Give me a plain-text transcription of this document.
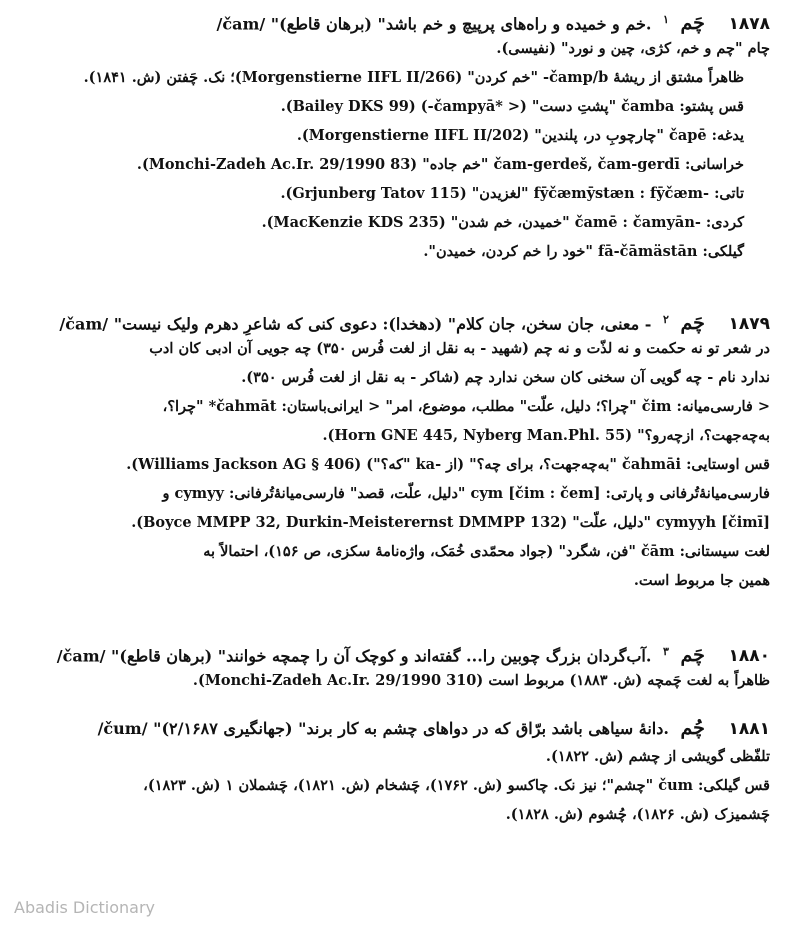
۱۸۷۸ چَم $^۱$ /čam/ "خم و خمیده و راه‌های پرپیچ و خم باشد" (برهان قاطع).
چام "چم و خم، کژی، چین و نورد" (نفیسی).
ظاهراً مشتق از ریشهٔ čamp/b- "خم کردن" (Morgenstierne IIFL II/266)؛ نک. چَفتن (ش. ۱۸۴۱).
قس پشتو: čamba "پشتِ دست" (< *čampyā-) (Bailey DKS 99).
یدغه: čapē "چارچوبِ در، پلندین" (Morgenstierne IIFL II/202).
خراسانی: čam-gerdeš, čam-gerdī "خم جاده" (Monchi-Zadeh Ac.Ir. 29/1990 83).
تاتی: -fȳčæmȳstæn : fȳčæm "لغزیدن" (Grjunberg Tatov 115).
کردی: -čamē : čamyān "خمیدن، خم شدن" (MacKenzie KDS 235).
گیلکی: fā-čāmästān "خود را خم کردن، خمیدن".
۱۸۷۹ چَم $^۲$ /čam/ "معنی، جان سخن، جان کلام" (دهخدا): دعوی کنی که شاعرِ دهرم ولیک نیست -
در شعر تو نه حکمت و نه لذّت و نه چم (شهید - به نقل از لغت فُرس ۳۵۰) چه جویی آن ادبی کان ادب
ندارد نام - چه گویی آن سخنی کان سخن ندارد چم (شاکر - به نقل از لغت فُرس ۳۵۰).
< فارسی‌میانه: čim "چرا؟؛ دلیل، علّت" مطلب، موضوع، امر" < ایرانی‌باستان: čahmāt* "چرا؟،
به‌چه‌جهت؟، ازچه‌رو؟" (Horn GNE 445, Nyberg Man.Phl. 55).
قس اوستایی: čahmāi "به‌چه‌جهت؟، برای چه؟" (از -ka "که؟") (Williams Jackson AG § 406).
فارسی‌میانهٔ‌تُرفانی و پارتی: cym [čim : čem] "دلیل، علّت، قصد" فارسی‌میانهٔ‌تُرفانی: cymyy و
cymyyh [čimī] "دلیل، علّت" (Boyce MMPP 32, Durkin-Meisterernst DMMPP 132).
لغت سیستانی: čām "فن، شگرد" (جواد محمّدی خُمَک، واژه‌نامهٔ سکزی، ص ۱۵۶)، احتمالاً به
همین جا مربوط است.
۱۸۸۰ چَم $^۳$ /čam/ "آب‌گردان بزرگ چوبین را... گفته‌اند و کوچک آن را چمچه خوانند" (برهان قاطع).
ظاهراً به لغت چَمچه (ش. ۱۸۸۳) مربوط است (Monchi-Zadeh Ac.Ir. 29/1990 310).
۱۸۸۱ چُم /čum/ "دانهٔ سیاهی باشد برّاق که در دواهای چشم به کار برند" (جهانگیری ۲/۱۶۸۷).
تلفّظی گویشی از چشم (ش. ۱۸۲۲).
قس گیلکی: čum "چشم"؛ نیز نک. چاکسو (ش. ۱۷۶۲)، چَشخام (ش. ۱۸۲۱)، چَشملان ۱ (ش. ۱۸۲۳)،
چَشمیزک (ش. ۱۸۲۶)، چُشوم (ش. ۱۸۲۸).
Abadis Dictionary
